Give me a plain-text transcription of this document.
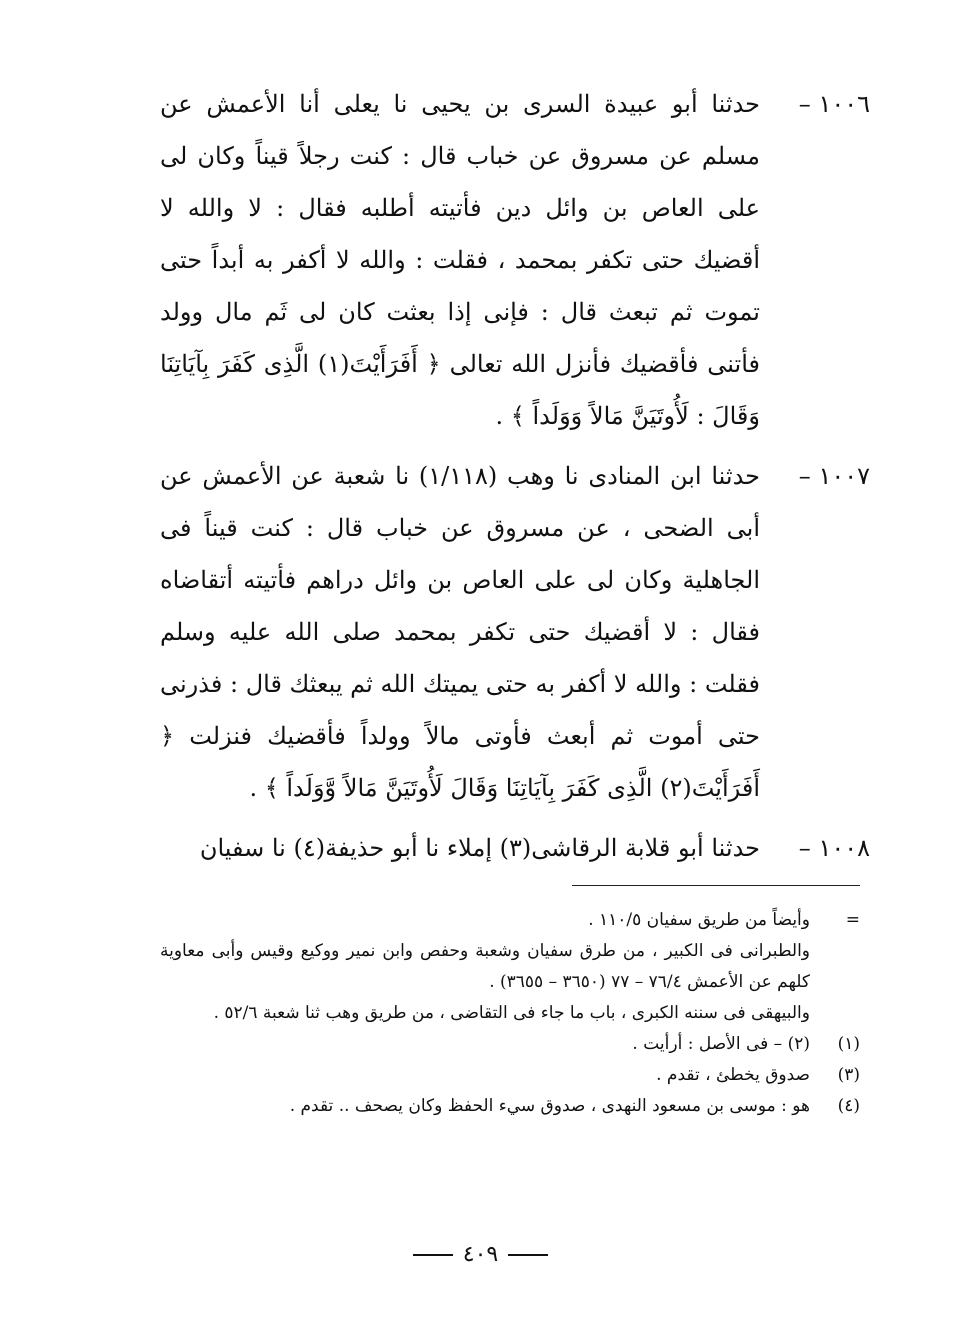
١٠٠٦ –
حدثنا أبو عبيدة السرى بن يحيى نا يعلى أنا الأعمش عن مسلم عن مسروق عن خباب قال : كنت رجلاً قيناً وكان لى على العاص بن وائل دين فأتيته أطلبه فقال : لا والله لا أقضيك حتى تكفر بمحمد ، فقلت : والله لا أكفر به أبداً حتى تموت ثم تبعث قال : فإنى إذا بعثت كان لى ثَم مال وولد فأتنى فأقضيك فأنزل الله تعالى ﴿ أَفَرَأَيْتَ(١) الَّذِى كَفَرَ بِآيَاتِنَا وَقَالَ : لَأُوتَيَنَّ مَالاً وَوَلَداً ﴾ .
١٠٠٧ –
حدثنا ابن المنادى نا وهب (١/١١٨) نا شعبة عن الأعمش عن أبى الضحى ، عن مسروق عن خباب قال : كنت قيناً فى الجاهلية وكان لى على العاص بن وائل دراهم فأتيته أتقاضاه فقال : لا أقضيك حتى تكفر بمحمد صلى الله عليه وسلم فقلت : والله لا أكفر به حتى يميتك الله ثم يبعثك قال : فذرنى حتى أموت ثم أبعث فأوتى مالاً وولداً فأقضيك فنزلت ﴿ أَفَرَأَيْتَ(٢) الَّذِى كَفَرَ بِآيَاتِنَا وَقَالَ لَأُوتَيَنَّ مَالاً وَّوَلَداً ﴾ .
١٠٠٨ –
حدثنا أبو قلابة الرقاشى(٣) إملاء نا أبو حذيفة(٤) نا سفيان
=
وأيضاً من طريق سفيان ١١٠/٥ .
والطبرانى فى الكبير ، من طرق سفيان وشعبة وحفص وابن نمير ووكيع وقيس وأبى معاوية كلهم عن الأعمش ٧٦/٤ – ٧٧ (٣٦٥٠ – ٣٦٥٥) .
والبيهقى فى سننه الكبرى ، باب ما جاء فى التقاضى ، من طريق وهب ثنا شعبة ٥٢/٦ .
(١)
(٢) – فى الأصل : أرأيت .
(٣)
صدوق يخطئ ، تقدم .
(٤)
هو : موسى بن مسعود النهدى ، صدوق سيء الحفظ وكان يصحف .. تقدم .
٤٠٩
